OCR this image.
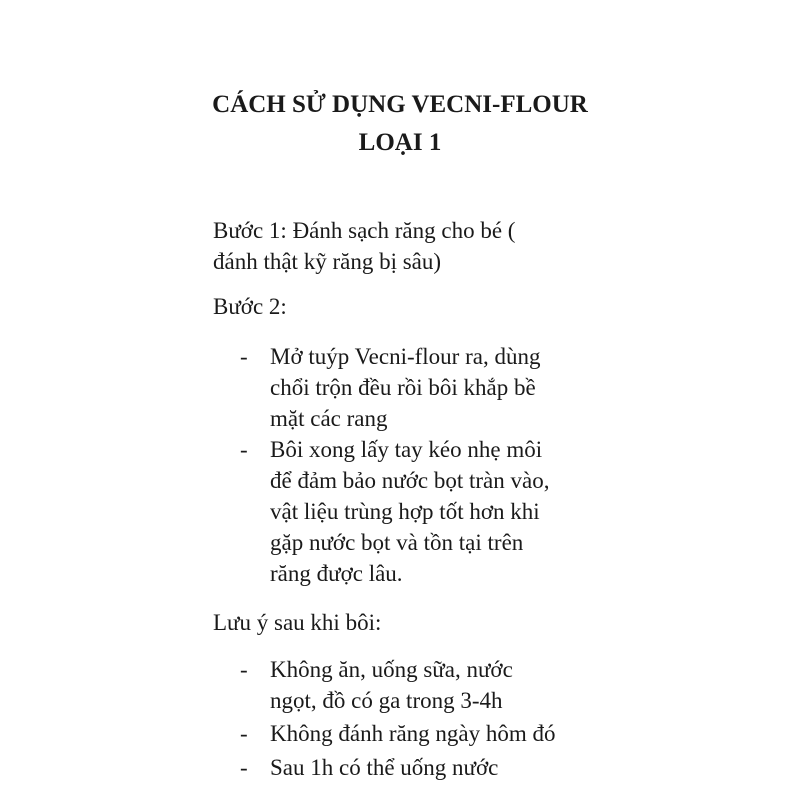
CÁCH SỬ DỤNG VECNI-FLOUR
LOẠI 1
Bước 1: Đánh sạch răng cho bé (
đánh thật kỹ răng bị sâu)
Bước 2:
- Mở tuýp Vecni-flour ra, dùng
chổi trộn đều rồi bôi khắp bề
mặt các rang
- Bôi xong lấy tay kéo nhẹ môi
để đảm bảo nước bọt tràn vào,
vật liệu trùng hợp tốt hơn khi
gặp nước bọt và tồn tại trên
răng được lâu.
Lưu ý sau khi bôi:
- Không ăn, uống sữa, nước
ngọt, đồ có ga trong 3-4h
- Không đánh răng ngày hôm đó
- Sau 1h có thể uống nước
